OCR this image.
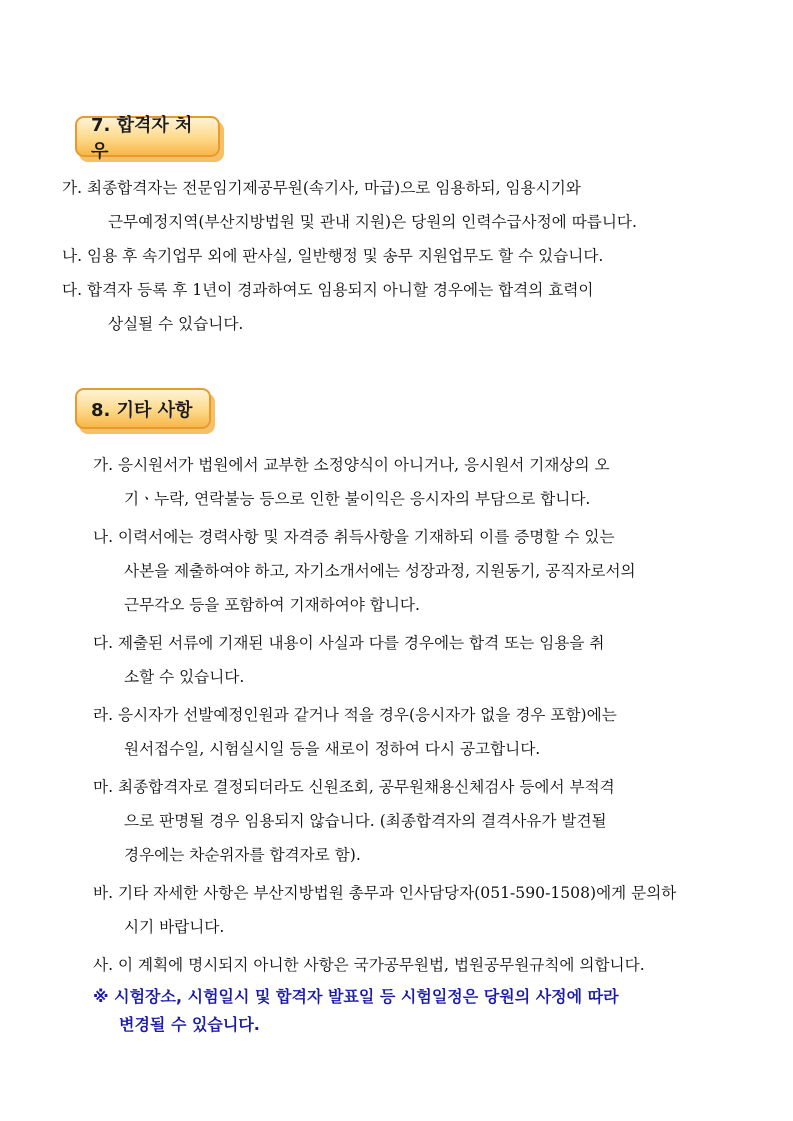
7. 합격자 처우
가. 최종합격자는 전문임기제공무원(속기사, 마급)으로 임용하되, 임용시기와
근무예정지역(부산지방법원 및 관내 지원)은 당원의 인력수급사정에 따릅니다.
나. 임용 후 속기업무 외에 판사실, 일반행정 및 송무 지원업무도 할 수 있습니다.
다. 합격자 등록 후 1년이 경과하여도 임용되지 아니할 경우에는 합격의 효력이
상실될 수 있습니다.
8. 기타 사항
가. 응시원서가 법원에서 교부한 소정양식이 아니거나, 응시원서 기재상의 오
기ㆍ누락, 연락불능 등으로 인한 불이익은 응시자의 부담으로 합니다.
나. 이력서에는 경력사항 및 자격증 취득사항을 기재하되 이를 증명할 수 있는
사본을 제출하여야 하고, 자기소개서에는 성장과정, 지원동기, 공직자로서의
근무각오 등을 포함하여 기재하여야 합니다.
다. 제출된 서류에 기재된 내용이 사실과 다를 경우에는 합격 또는 임용을 취
소할 수 있습니다.
라. 응시자가 선발예정인원과 같거나 적을 경우(응시자가 없을 경우 포함)에는
원서접수일, 시험실시일 등을 새로이 정하여 다시 공고합니다.
마. 최종합격자로 결정되더라도 신원조회, 공무원채용신체검사 등에서 부적격
으로 판명될 경우 임용되지 않습니다. (최종합격자의 결격사유가 발견될
경우에는 차순위자를 합격자로 함).
바. 기타 자세한 사항은 부산지방법원 총무과 인사담당자(051-590-1508)에게 문의하
시기 바랍니다.
사. 이 계획에 명시되지 아니한 사항은 국가공무원법, 법원공무원규칙에 의합니다.
※ 시험장소, 시험일시 및 합격자 발표일 등 시험일정은 당원의 사정에 따라
변경될 수 있습니다.
